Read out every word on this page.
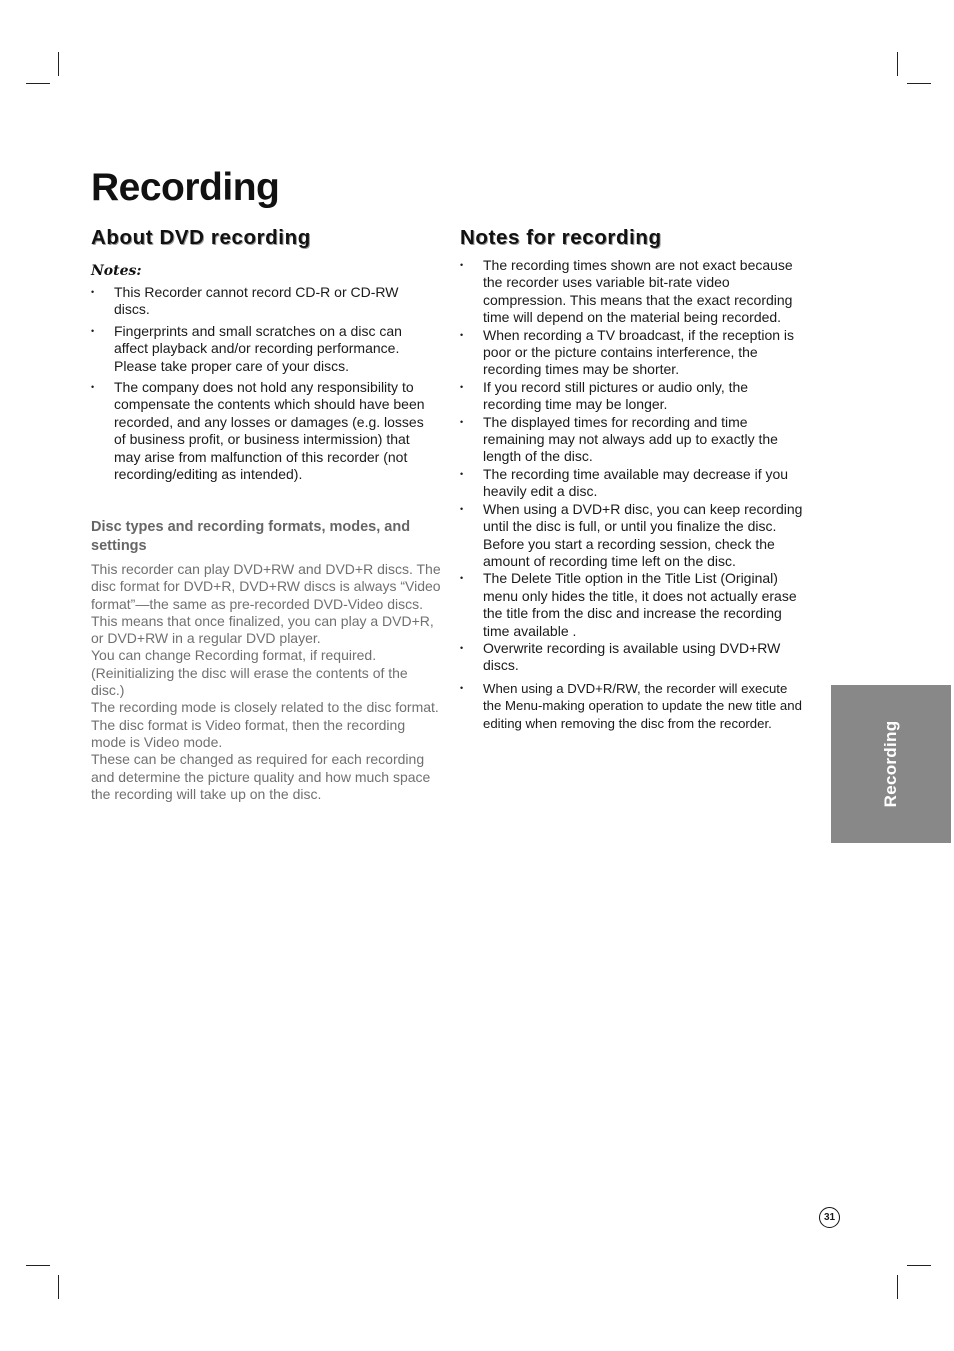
Recording
About DVD recording
Notes:
• This Recorder cannot record CD-R or CD-RW discs.
• Fingerprints and small scratches on a disc can affect playback and/or recording performance. Please take proper care of your discs.
• The company does not hold any responsibility to compensate the contents which should have been recorded, and any losses or damages (e.g. losses of business profit, or business intermission) that may arise from malfunction of this recorder (not recording/editing as intended).
Disc types and recording formats, modes, and settings

This recorder can play DVD+RW and DVD+R discs. The disc format for DVD+R, DVD+RW discs is always “Video format”—the same as pre-recorded DVD-Video discs. This means that once finalized, you can play a DVD+R, or DVD+RW in a regular DVD player.

You can change Recording format, if required. (Reinitializing the disc will erase the contents of the disc.)

The recording mode is closely related to the disc format. The disc format is Video format, then the recording mode is Video mode.

These can be changed as required for each recording and determine the picture quality and how much space the recording will take up on the disc.

Notes for recording
• The recording times shown are not exact because the recorder uses variable bit-rate video compression. This means that the exact recording time will depend on the material being recorded.
• When recording a TV broadcast, if the reception is poor or the picture contains interference, the recording times may be shorter.
• If you record still pictures or audio only, the recording time may be longer.
• The displayed times for recording and time remaining may not always add up to exactly the length of the disc.
• The recording time available may decrease if you heavily edit a disc.
• When using a DVD+R disc, you can keep recording until the disc is full, or until you finalize the disc. Before you start a recording session, check the amount of recording time left on the disc.
• The Delete Title option in the Title List (Original) menu only hides the title, it does not actually erase the title from the disc and increase the recording time available .
• Overwrite recording is available using DVD+RW discs.
• When using a DVD+R/RW, the recorder will execute the Menu-making operation to update the new title and editing when removing the disc from the recorder.	Recording
31
